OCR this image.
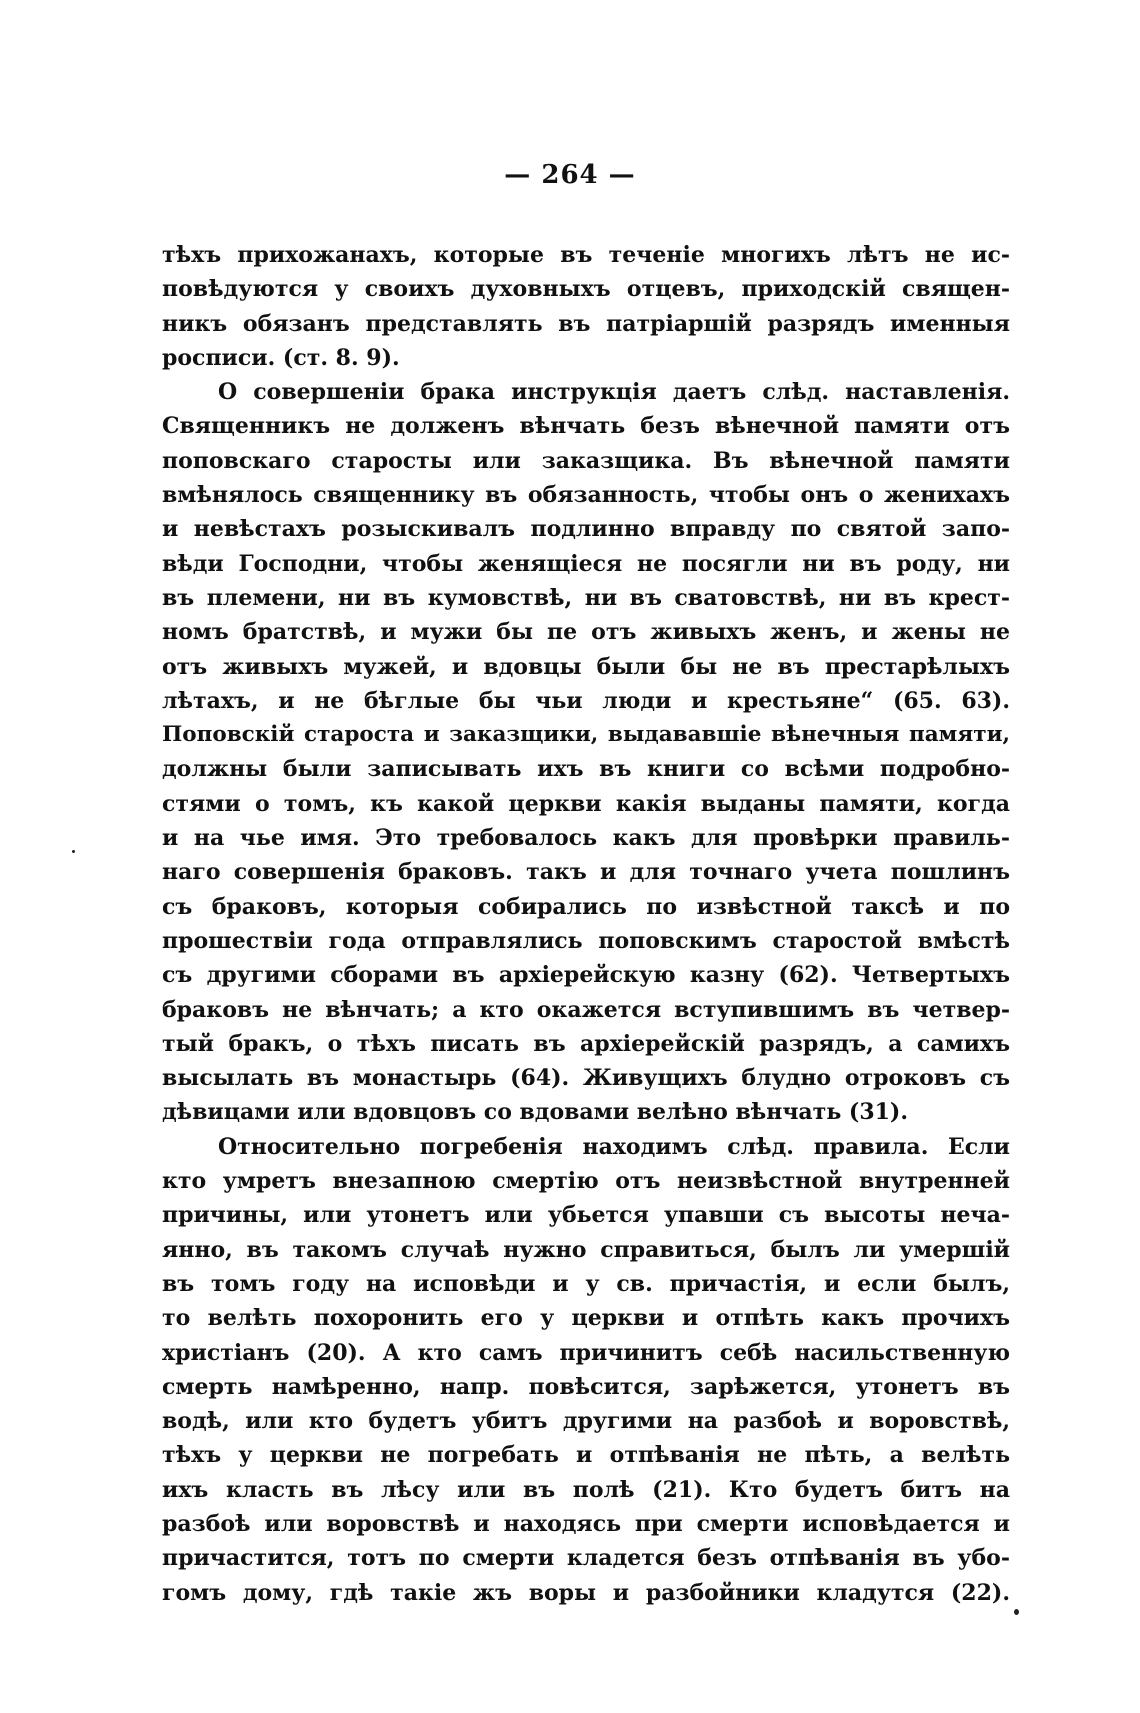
— 264 —
тѣхъ прихожанахъ, которые въ теченіе многихъ лѣтъ не ис-
повѣдуются у своихъ духовныхъ отцевъ, приходскій священ-
никъ обязанъ представлять въ патріаршій разрядъ именныя
росписи. (ст. 8. 9).
О совершеніи брака инструкція даетъ слѣд. наставленія.
Священникъ не долженъ вѣнчать безъ вѣнечной памяти отъ
поповскаго старосты или заказщика. Въ вѣнечной памяти
вмѣнялось священнику въ обязанность, чтобы онъ о женихахъ
и невѣстахъ розыскивалъ подлинно вправду по святой запо-
вѣди Господни, чтобы женящіеся не посягли ни въ роду, ни
въ племени, ни въ кумовствѣ, ни въ сватовствѣ, ни въ крест-
номъ братствѣ, и мужи бы пе отъ живыхъ женъ, и жены не
отъ живыхъ мужей, и вдовцы были бы не въ престарѣлыхъ
лѣтахъ, и не бѣглые бы чьи люди и крестьяне“ (65. 63).
Поповскій староста и заказщики, выдававшіе вѣнечныя памяти,
должны были записывать ихъ въ книги со всѣми подробно-
стями о томъ, къ какой церкви какія выданы памяти, когда
и на чье имя. Это требовалось какъ для провѣрки правиль-
наго совершенія браковъ. такъ и для точнаго учета пошлинъ
съ браковъ, которыя собирались по извѣстной таксѣ и по
прошествіи года отправлялись поповскимъ старостой вмѣстѣ
съ другими сборами въ архіерейскую казну (62). Четвертыхъ
браковъ не вѣнчать; а кто окажется вступившимъ въ четвер-
тый бракъ, о тѣхъ писать въ архіерейскій разрядъ, а самихъ
высылать въ монастырь (64). Живущихъ блудно отроковъ съ
дѣвицами или вдовцовъ со вдовами велѣно вѣнчать (31).
Относительно погребенія находимъ слѣд. правила. Если
кто умретъ внезапною смертію отъ неизвѣстной внутренней
причины, или утонетъ или убьется упавши съ высоты неча-
янно, въ такомъ случаѣ нужно справиться, былъ ли умершій
въ томъ году на исповѣди и у св. причастія, и если былъ,
то велѣть похоронить его у церкви и отпѣть какъ прочихъ
христіанъ (20). А кто самъ причинитъ себѣ насильственную
смерть намѣренно, напр. повѣсится, зарѣжется, утонетъ въ
водѣ, или кто будетъ убитъ другими на разбоѣ и воровствѣ,
тѣхъ у церкви не погребать и отпѣванія не пѣть, а велѣть
ихъ класть въ лѣсу или въ полѣ (21). Кто будетъ битъ на
разбоѣ или воровствѣ и находясь при смерти исповѣдается и
причастится, тотъ по смерти кладется безъ отпѣванія въ убо-
гомъ дому, гдѣ такіе жъ воры и разбойники кладутся (22).
